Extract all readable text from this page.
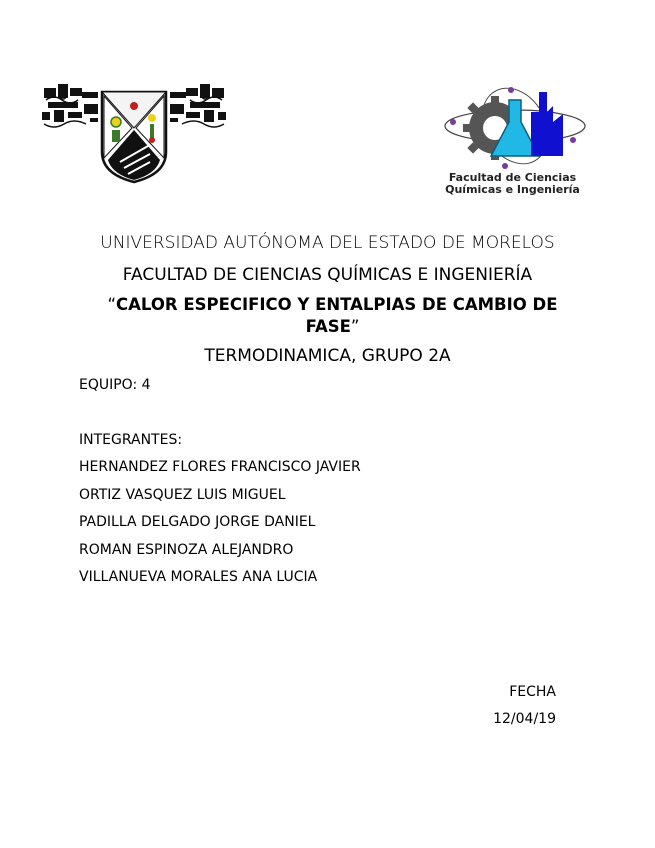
Facultad de Ciencias
Químicas e Ingeniería
UNIVERSIDAD AUTÓNOMA DEL ESTADO DE MORELOS
FACULTAD DE CIENCIAS QUÍMICAS E INGENIERÍA
“CALOR ESPECIFICO Y ENTALPIAS DE CAMBIO DE FASE”
TERMODINAMICA, GRUPO 2A
EQUIPO: 4
INTEGRANTES:
HERNANDEZ FLORES FRANCISCO JAVIER
ORTIZ VASQUEZ LUIS MIGUEL
PADILLA DELGADO JORGE DANIEL
ROMAN ESPINOZA ALEJANDRO
VILLANUEVA MORALES ANA LUCIA
FECHA
12/04/19
